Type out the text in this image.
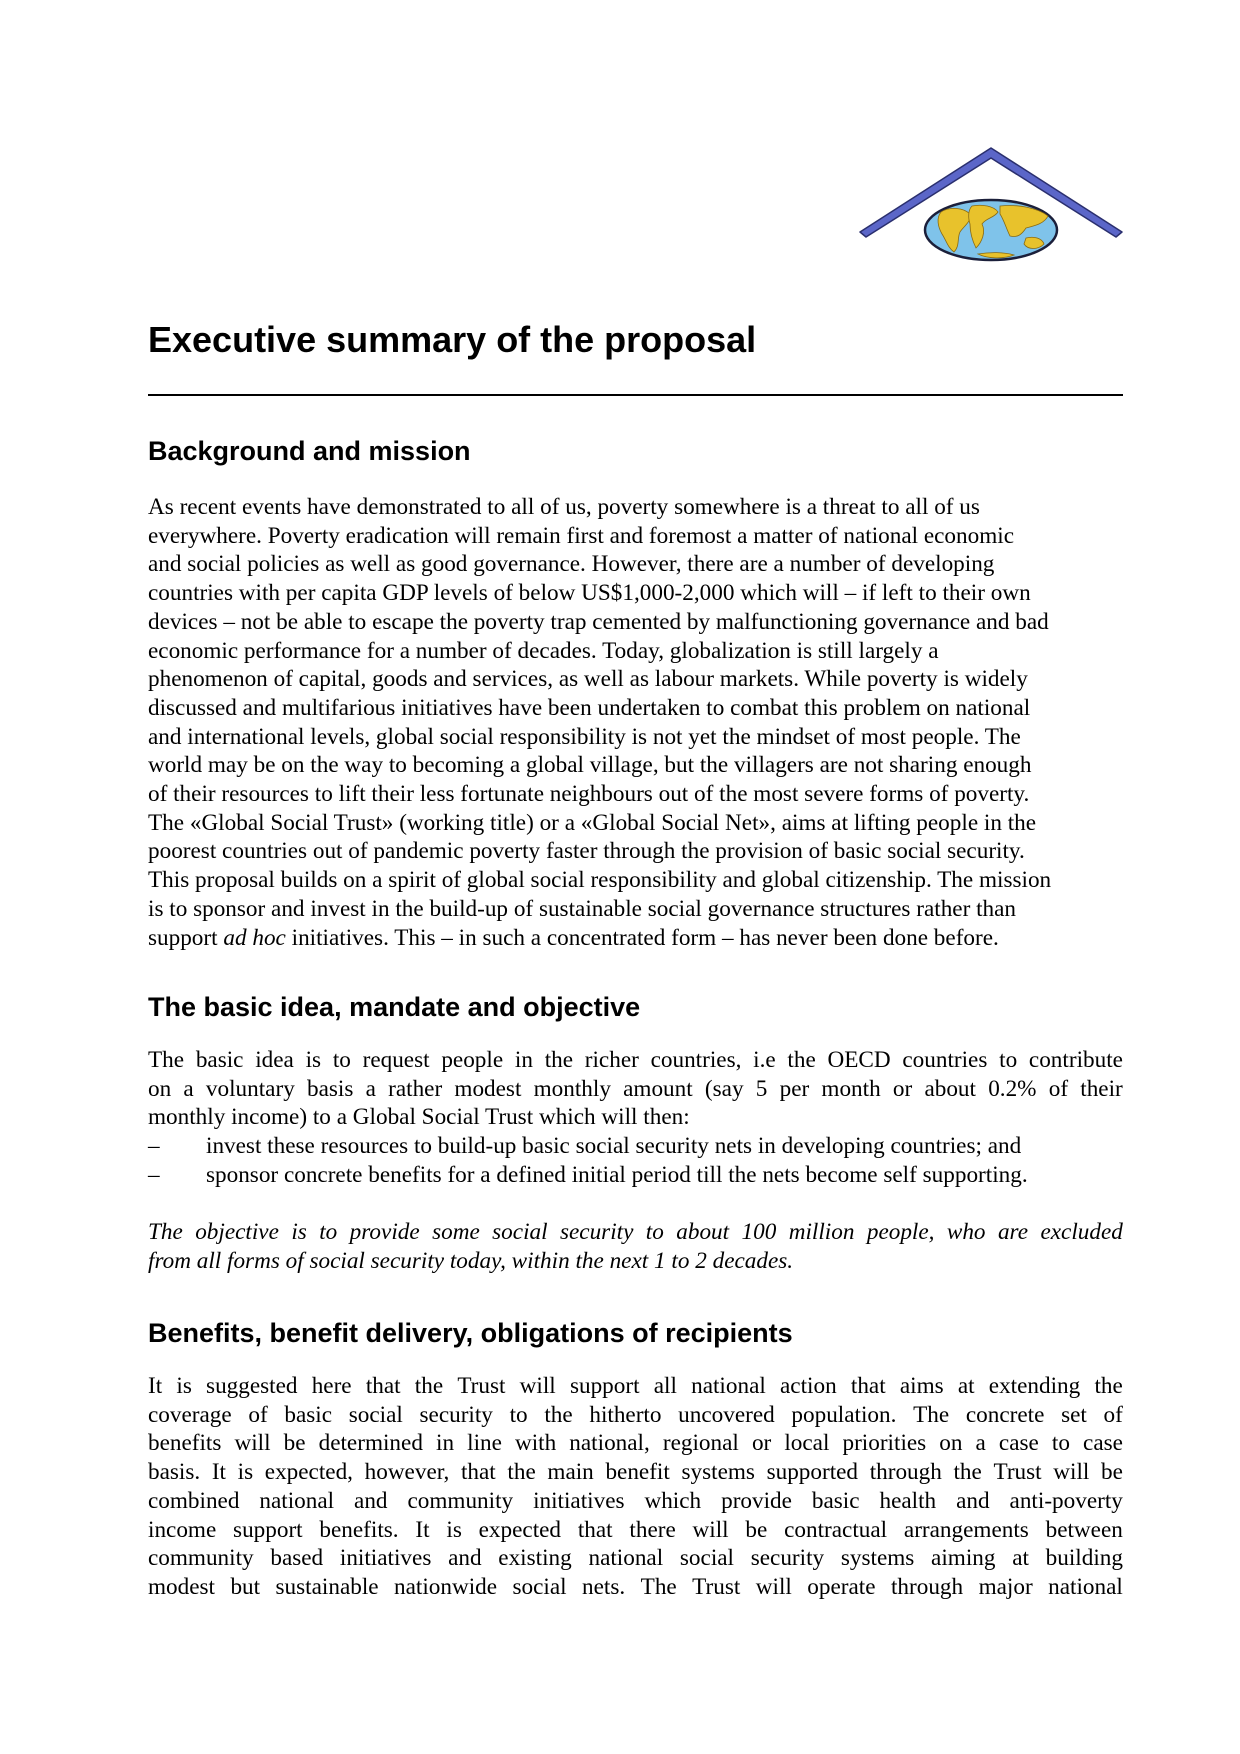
Executive summary of the proposal
Background and mission
As recent events have demonstrated to all of us, poverty somewhere is a threat to all of us
everywhere. Poverty eradication will remain first and foremost a matter of national economic
and social policies as well as good governance. However, there are a number of developing
countries with per capita GDP levels of below US$1,000-2,000 which will – if left to their own
devices – not be able to escape the poverty trap cemented by malfunctioning governance and bad
economic performance for a number of decades. Today, globalization is still largely a
phenomenon of capital, goods and services, as well as labour markets. While poverty is widely
discussed and multifarious initiatives have been undertaken to combat this problem on national
and international levels, global social responsibility is not yet the mindset of most people. The
world may be on the way to becoming a global village, but the villagers are not sharing enough
of their resources to lift their less fortunate neighbours out of the most severe forms of poverty.
The «Global Social Trust» (working title) or a «Global Social Net», aims at lifting people in the
poorest countries out of pandemic poverty faster through the provision of basic social security.
This proposal builds on a spirit of global social responsibility and global citizenship. The mission
is to sponsor and invest in the build-up of sustainable social governance structures rather than
support ad hoc initiatives. This – in such a concentrated form – has never been done before.
The basic idea, mandate and objective
The basic idea is to request people in the richer countries, i.e the OECD countries to contribute
on a voluntary basis a rather modest monthly amount (say 5 per month or about 0.2% of their
monthly income) to a Global Social Trust which will then:
– invest these resources to build-up basic social security nets in developing countries; and
– sponsor concrete benefits for a defined initial period till the nets become self supporting.
The objective is to provide some social security to about 100 million people, who are excluded
from all forms of social security today, within the next 1 to 2 decades.
Benefits, benefit delivery, obligations of recipients
It is suggested here that the Trust will support all national action that aims at extending the
coverage of basic social security to the hitherto uncovered population. The concrete set of
benefits will be determined in line with national, regional or local priorities on a case to case
basis. It is expected, however, that the main benefit systems supported through the Trust will be
combined national and community initiatives which provide basic health and anti-poverty
income support benefits. It is expected that there will be contractual arrangements between
community based initiatives and existing national social security systems aiming at building
modest but sustainable nationwide social nets. The Trust will operate through major national
